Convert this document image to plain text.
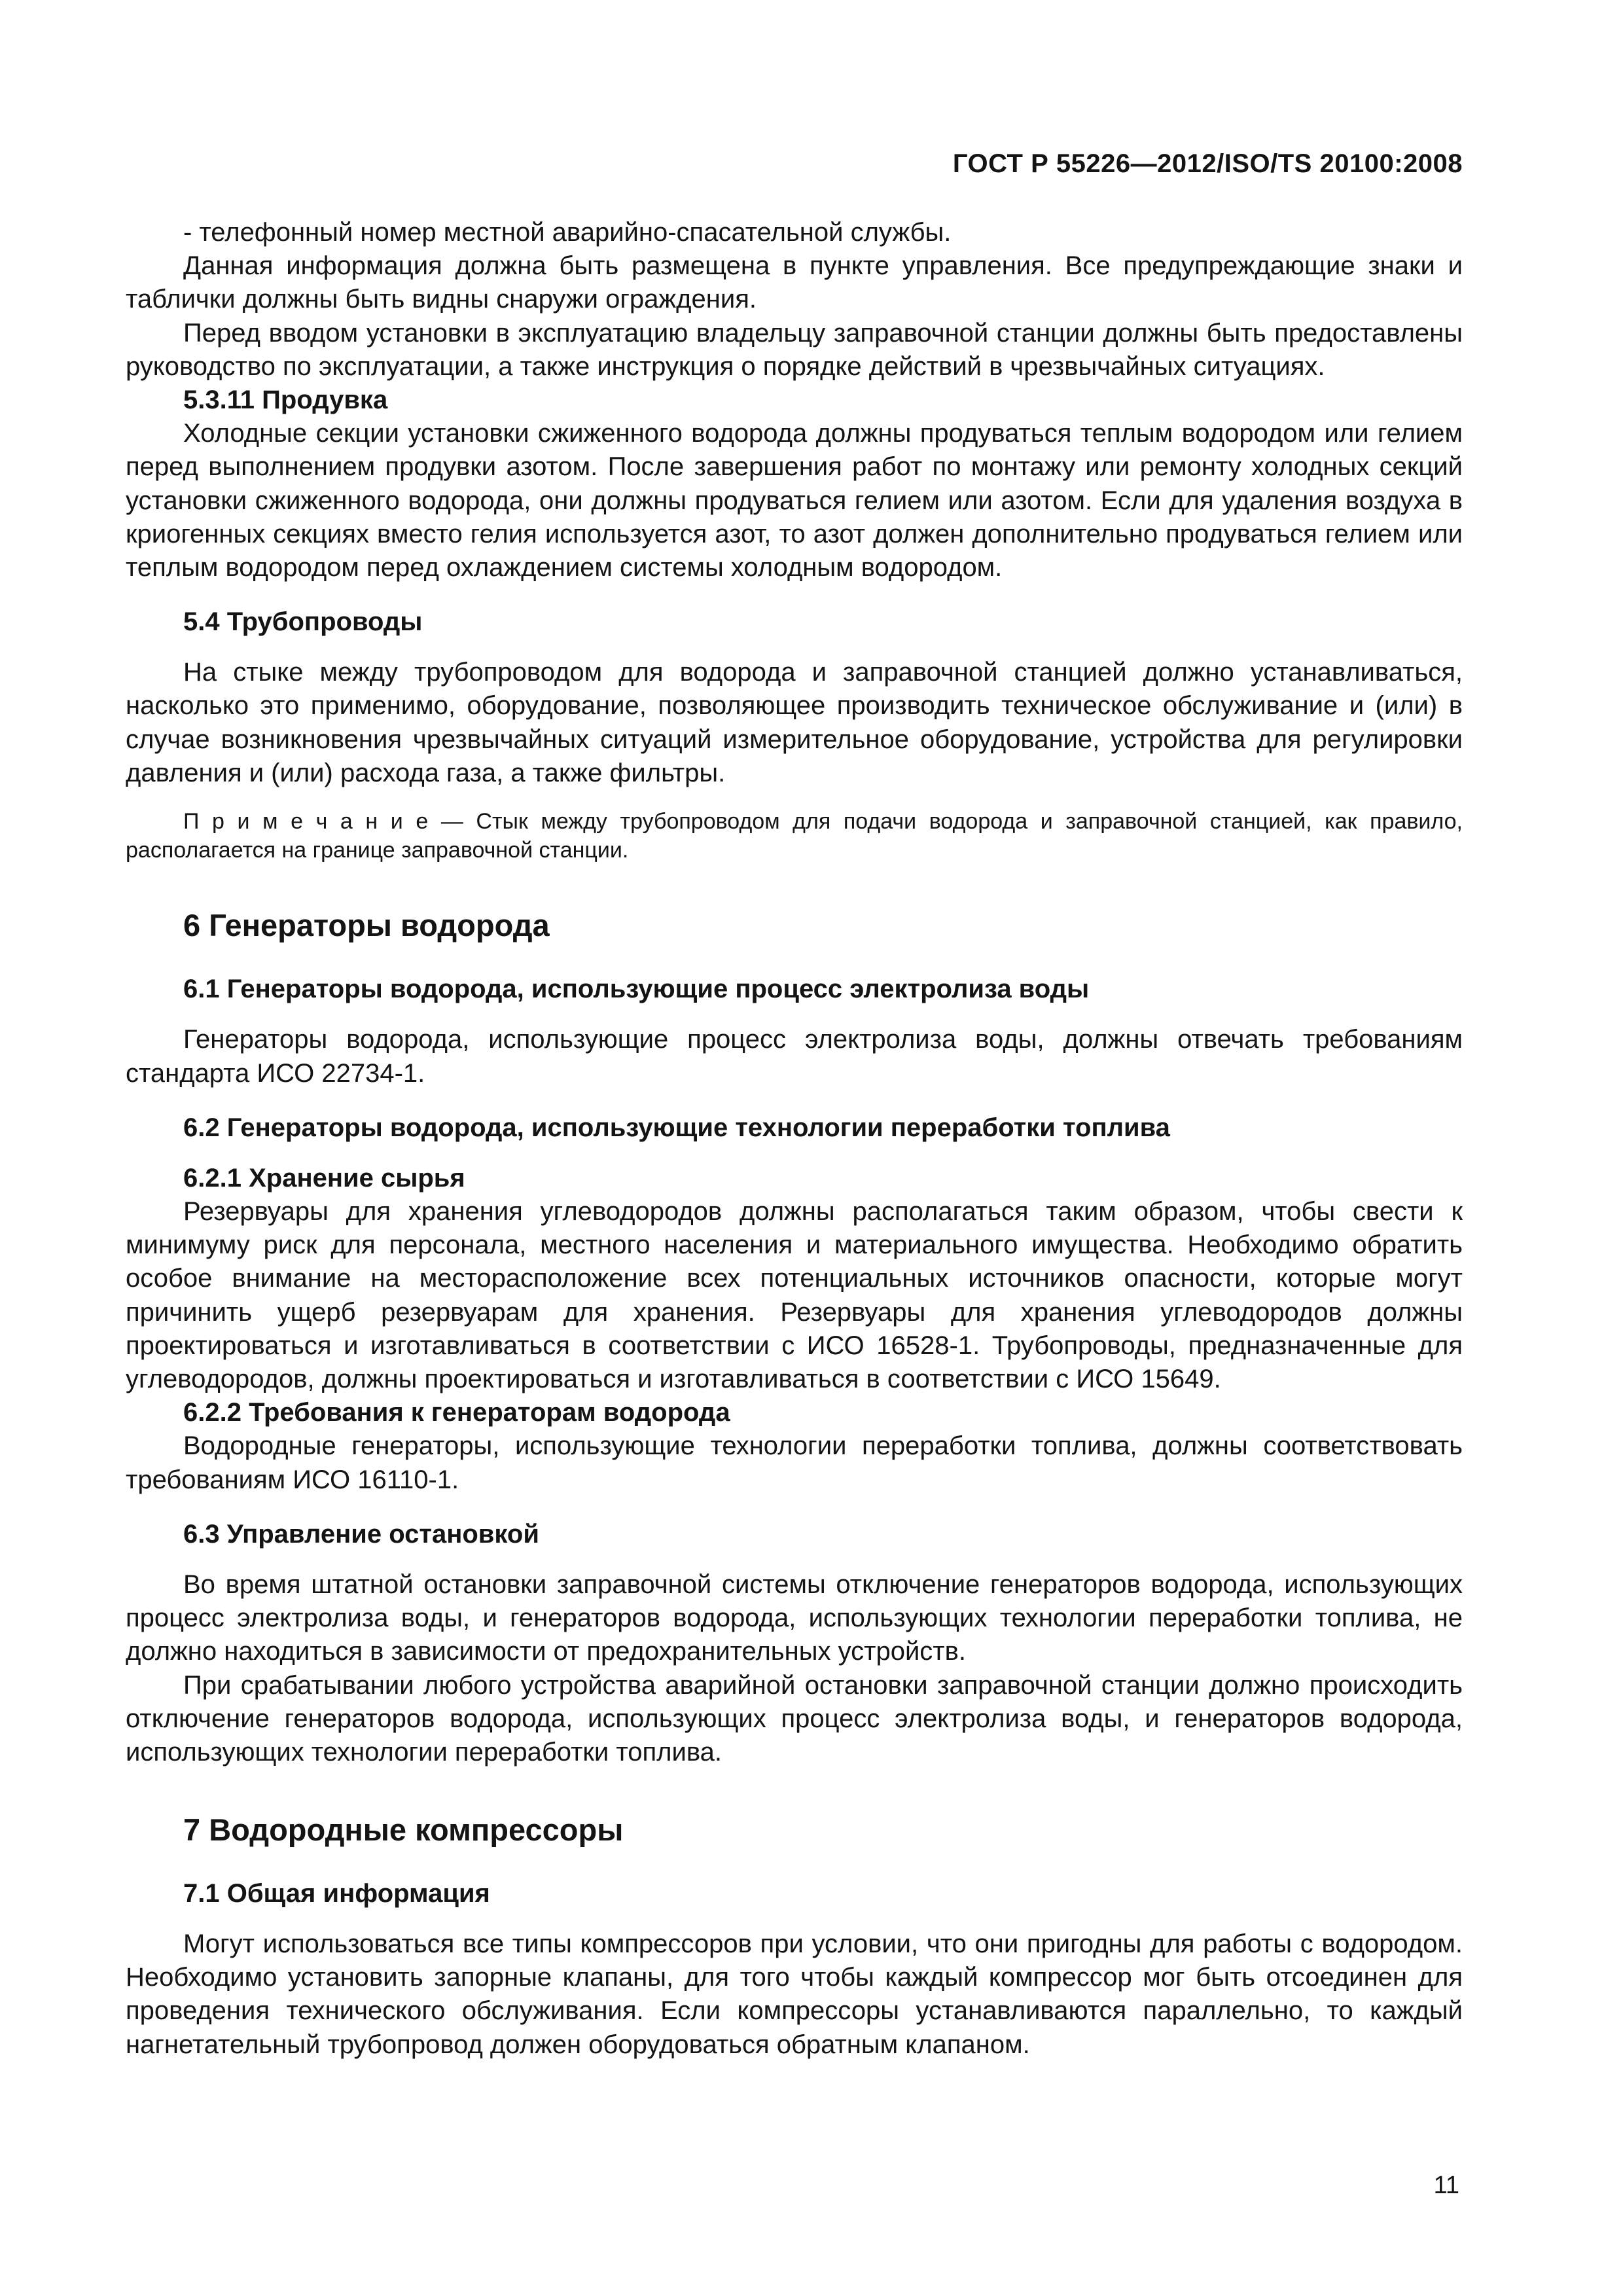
ГОСТ Р 55226—2012/ISO/TS 20100:2008

- телефонный номер местной аварийно-спасательной службы.

Данная информация должна быть размещена в пункте управления. Все предупреждающие знаки и таблички должны быть видны снаружи ограждения.

Перед вводом установки в эксплуатацию владельцу заправочной станции должны быть предоставлены руководство по эксплуатации, а также инструкция о порядке действий в чрезвычайных ситуациях.

5.3.11 Продувка

Холодные секции установки сжиженного водорода должны продуваться теплым водородом или гелием перед выполнением продувки азотом. После завершения работ по монтажу или ремонту холодных секций установки сжиженного водорода, они должны продуваться гелием или азотом. Если для удаления воздуха в криогенных секциях вместо гелия используется азот, то азот должен дополнительно продуваться гелием или теплым водородом перед охлаждением системы холодным водородом.

5.4 Трубопроводы

На стыке между трубопроводом для водорода и заправочной станцией должно устанавливаться, насколько это применимо, оборудование, позволяющее производить техническое обслуживание и (или) в случае возникновения чрезвычайных ситуаций измерительное оборудование, устройства для регулировки давления и (или) расхода газа, а также фильтры.

П р и м е ч а н и е — Стык между трубопроводом для подачи водорода и заправочной станцией, как правило, располагается на границе заправочной станции.

6 Генераторы водорода

6.1 Генераторы водорода, использующие процесс электролиза воды

Генераторы водорода, использующие процесс электролиза воды, должны отвечать требованиям стандарта ИСО 22734-1.

6.2 Генераторы водорода, использующие технологии переработки топлива

6.2.1 Хранение сырья

Резервуары для хранения углеводородов должны располагаться таким образом, чтобы свести к минимуму риск для персонала, местного населения и материального имущества. Необходимо обратить особое внимание на месторасположение всех потенциальных источников опасности, которые могут причинить ущерб резервуарам для хранения. Резервуары для хранения углеводородов должны проектироваться и изготавливаться в соответствии с ИСО 16528-1. Трубопроводы, предназначенные для углеводородов, должны проектироваться и изготавливаться в соответствии с ИСО 15649.

6.2.2 Требования к генераторам водорода

Водородные генераторы, использующие технологии переработки топлива, должны соответствовать требованиям ИСО 16110-1.

6.3 Управление остановкой

Во время штатной остановки заправочной системы отключение генераторов водорода, использующих процесс электролиза воды, и генераторов водорода, использующих технологии переработки топлива, не должно находиться в зависимости от предохранительных устройств.

При срабатывании любого устройства аварийной остановки заправочной станции должно происходить отключение генераторов водорода, использующих процесс электролиза воды, и генераторов водорода, использующих технологии переработки топлива.

7 Водородные компрессоры

7.1 Общая информация

Могут использоваться все типы компрессоров при условии, что они пригодны для работы с водородом. Необходимо установить запорные клапаны, для того чтобы каждый компрессор мог быть отсоединен для проведения технического обслуживания. Если компрессоры устанавливаются параллельно, то каждый нагнетательный трубопровод должен оборудоваться обратным клапаном.

11
